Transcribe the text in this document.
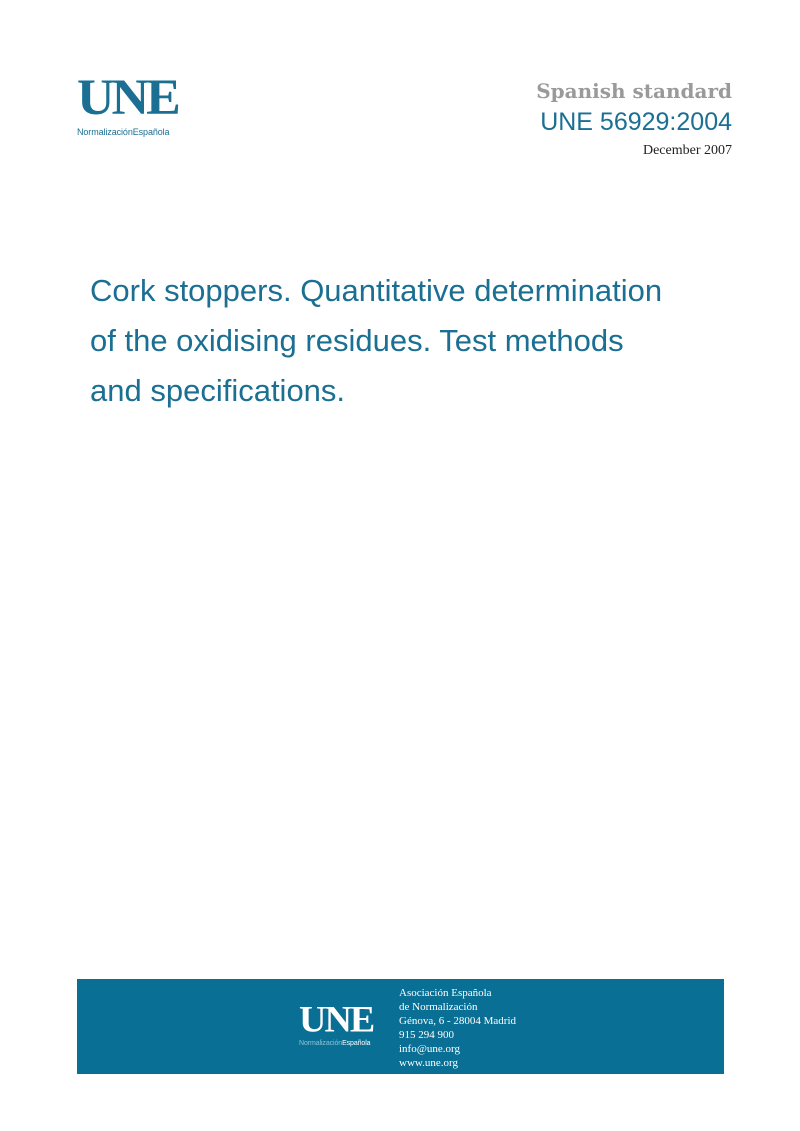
UNE
NormalizaciónEspañola
Spanish standard
UNE 56929:2004
December 2007
Cork stoppers. Quantitative determination
of the oxidising residues. Test methods
and specifications.
UNE
NormalizaciónEspañola
Asociación Española
de Normalización
Génova, 6 - 28004 Madrid
915 294 900
info@une.org
www.une.org
